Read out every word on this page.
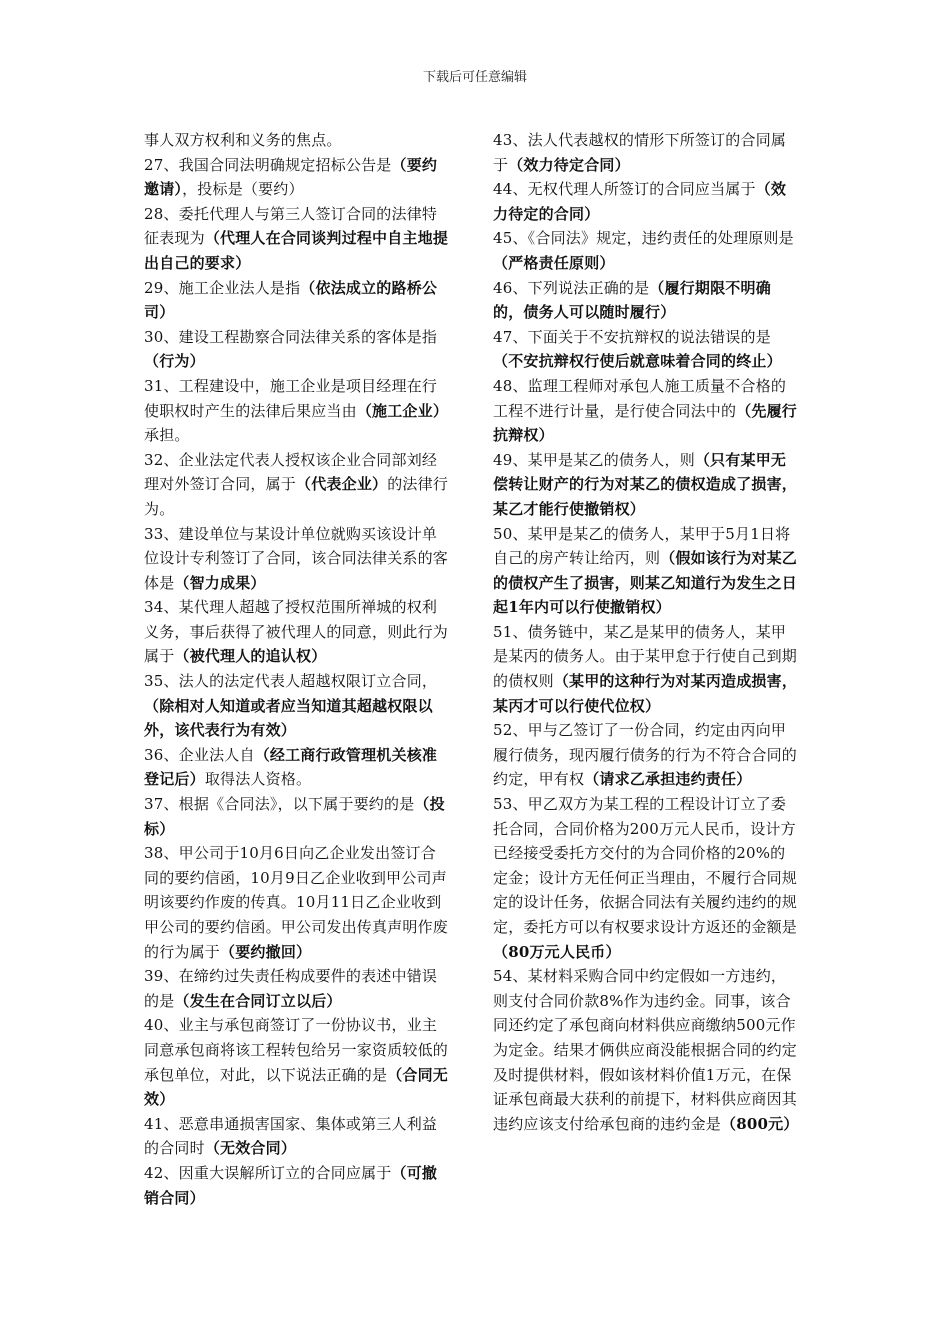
下载后可任意编辑

事人双方权利和义务的焦点。

27、我国合同法明确规定招标公告是（要约邀请），投标是（要约）

28、委托代理人与第三人签订合同的法律特征表现为（代理人在合同谈判过程中自主地提出自己的要求）

29、施工企业法人是指（依法成立的路桥公司）

30、建设工程勘察合同法律关系的客体是指（行为）

31、工程建设中，施工企业是项目经理在行使职权时产生的法律后果应当由（施工企业）承担。

32、企业法定代表人授权该企业合同部刘经理对外签订合同，属于（代表企业）的法律行为。

33、建设单位与某设计单位就购买该设计单位设计专利签订了合同，该合同法律关系的客体是（智力成果）

34、某代理人超越了授权范围所禅城的权利义务，事后获得了被代理人的同意，则此行为属于（被代理人的追认权）

35、法人的法定代表人超越权限订立合同，（除相对人知道或者应当知道其超越权限以外，该代表行为有效）

36、企业法人自（经工商行政管理机关核准登记后）取得法人资格。

37、根据《合同法》，以下属于要约的是（投标）

38、甲公司于10月6日向乙企业发出签订合同的要约信函，10月9日乙企业收到甲公司声明该要约作废的传真。10月11日乙企业收到甲公司的要约信函。甲公司发出传真声明作废的行为属于（要约撤回）

39、在缔约过失责任构成要件的表述中错误的是（发生在合同订立以后）

40、业主与承包商签订了一份协议书，业主同意承包商将该工程转包给另一家资质较低的承包单位，对此，以下说法正确的是（合同无效）

41、恶意串通损害国家、集体或第三人利益的合同时（无效合同）

42、因重大误解所订立的合同应属于（可撤销合同）

43、法人代表越权的情形下所签订的合同属于（效力待定合同）

44、无权代理人所签订的合同应当属于（效力待定的合同）

45、《合同法》规定，违约责任的处理原则是（严格责任原则）

46、下列说法正确的是（履行期限不明确的，债务人可以随时履行）

47、下面关于不安抗辩权的说法错误的是（不安抗辩权行使后就意味着合同的终止）

48、监理工程师对承包人施工质量不合格的工程不进行计量，是行使合同法中的（先履行抗辩权）

49、某甲是某乙的债务人，则（只有某甲无偿转让财产的行为对某乙的债权造成了损害，某乙才能行使撤销权）

50、某甲是某乙的债务人，某甲于5月1日将自己的房产转让给丙，则（假如该行为对某乙的债权产生了损害，则某乙知道行为发生之日起1年内可以行使撤销权）

51、债务链中，某乙是某甲的债务人，某甲是某丙的债务人。由于某甲怠于行使自己到期的债权则（某甲的这种行为对某丙造成损害，某丙才可以行使代位权）

52、甲与乙签订了一份合同，约定由丙向甲履行债务，现丙履行债务的行为不符合合同的约定，甲有权（请求乙承担违约责任）

53、甲乙双方为某工程的工程设计订立了委托合同，合同价格为200万元人民币，设计方已经接受委托方交付的为合同价格的20%的定金；设计方无任何正当理由，不履行合同规定的设计任务，依据合同法有关履约违约的规定，委托方可以有权要求设计方返还的金额是（80万元人民币）

54、某材料采购合同中约定假如一方违约，则支付合同价款8%作为违约金。同事，该合同还约定了承包商向材料供应商缴纳500元作为定金。结果才俩供应商没能根据合同的约定及时提供材料，假如该材料价值1万元，在保证承包商最大获利的前提下，材料供应商因其违约应该支付给承包商的违约金是（800元）
